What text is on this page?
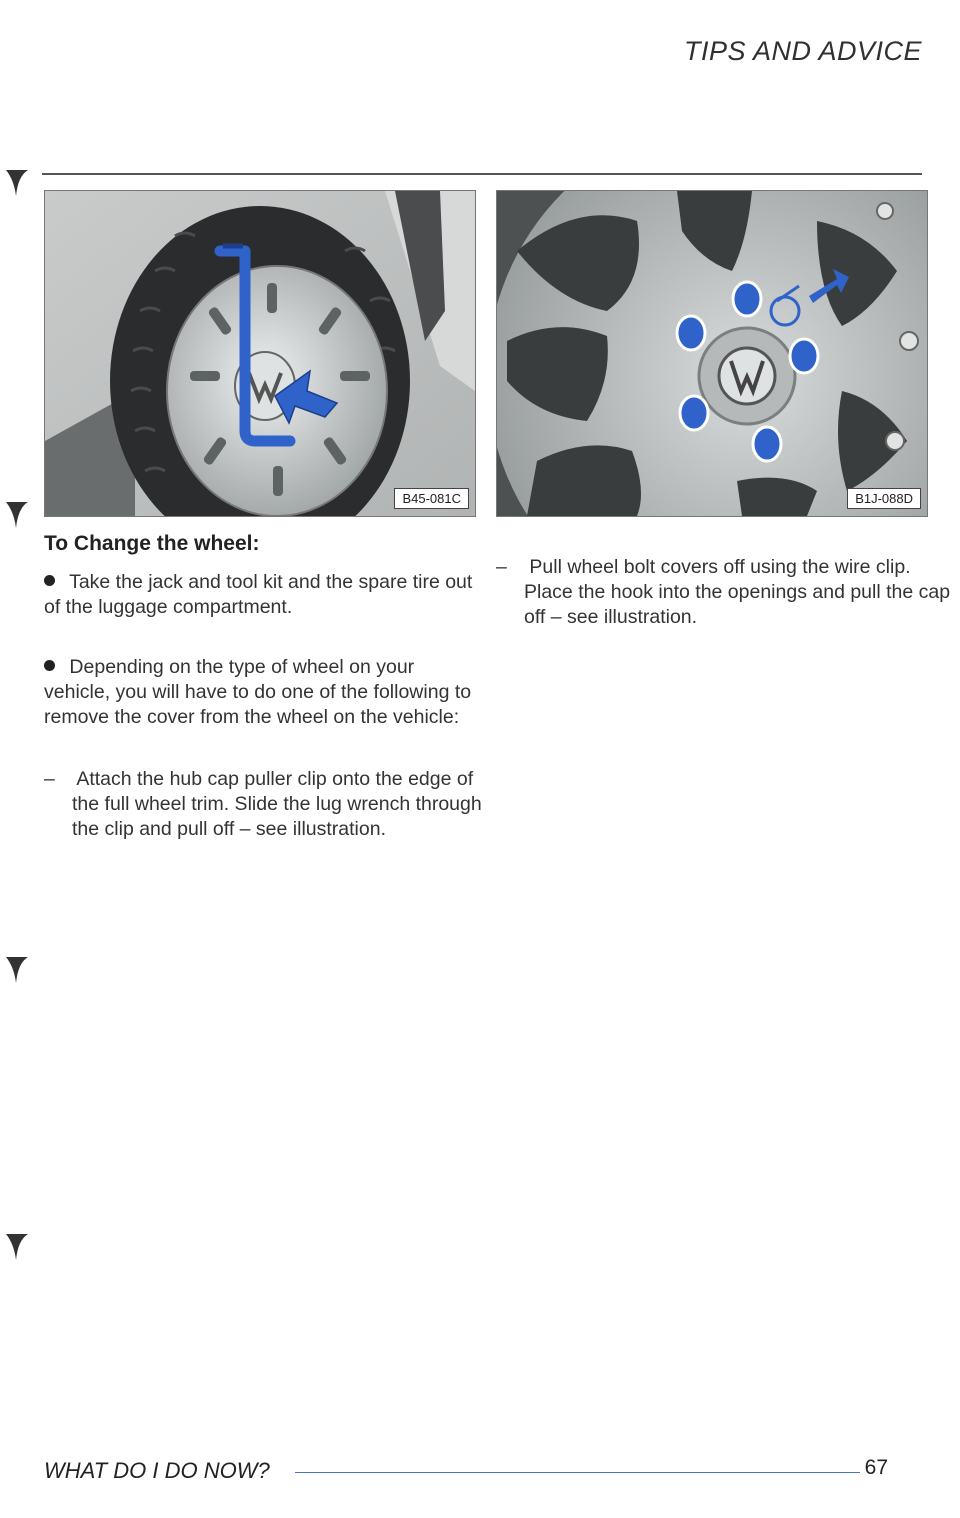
TIPS AND ADVICE
B45-081C	B1J-088D
To Change the wheel:

Take the jack and tool kit and the spare tire out of the luggage compartment.

Depending on the type of wheel on your vehicle, you will have to do one of the following to remove the cover from the wheel on the vehicle:

– Attach the hub cap puller clip onto the edge of the full wheel trim. Slide the lug wrench through the clip and pull off – see illustration.

– Pull wheel bolt covers off using the wire clip. Place the hook into the openings and pull the cap off – see illustration.

WHAT DO I DO NOW?	67
